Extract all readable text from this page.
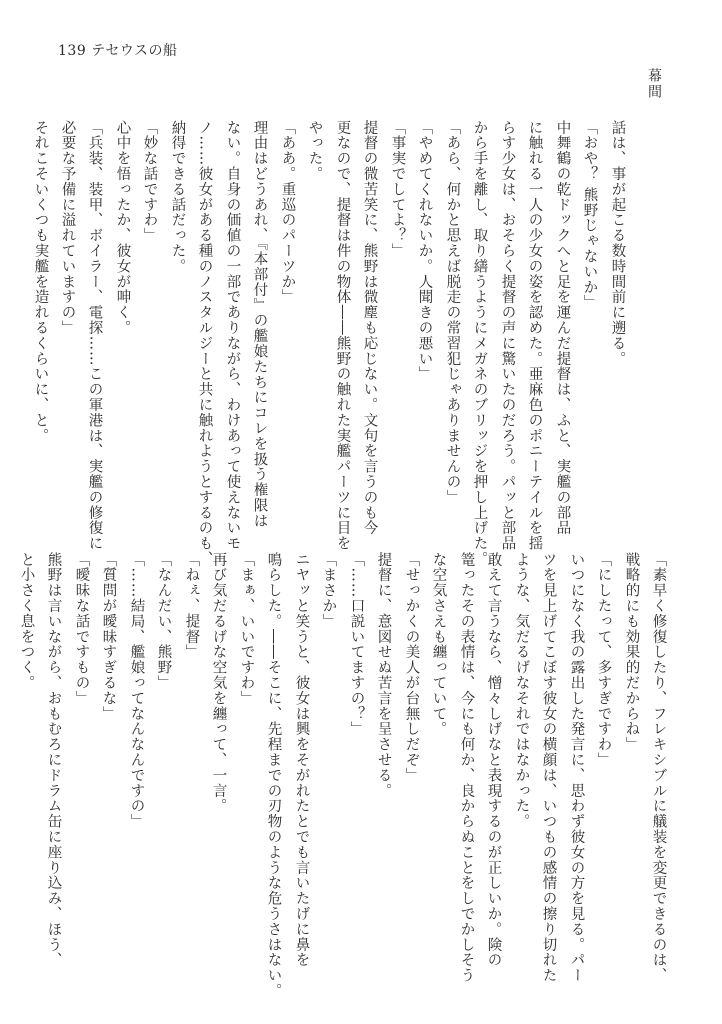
139 テセウスの船
幕間
話は、事が起こる数時間前に遡る。
「おや？ 熊野じゃないか」
中舞鶴の乾ドックへと足を運んだ提督は、ふと、実艦の部品
に触れる一人の少女の姿を認めた。亜麻色のポニーテイルを揺
らす少女は、おそらく提督の声に驚いたのだろう。パッと部品
から手を離し、取り繕うようにメガネのブリッジを押し上げた。
「あら、何かと思えば脱走の常習犯じゃありませんの」
「やめてくれないか。人聞きの悪い」
「事実でしてよ？」
提督の微苦笑に、熊野は微塵も応じない。文句を言うのも今
更なので、提督は件の物体――熊野の触れた実艦パーツに目を
やった。
「ああ。重巡のパーツか」
理由はどうあれ、『本部付』の艦娘たちにコレを扱う権限は
ない。自身の価値の一部でありながら、わけあって使えないモ
ノ……彼女がある種のノスタルジーと共に触れようとするのも、
納得できる話だった。
「妙な話ですわ」
心中を悟ったか、彼女が呻く。
「兵装、装甲、ボイラー、電探……この軍港は、実艦の修復に
必要な予備に溢れていますの」
それこそいくつも実艦を造れるくらいに、と。
「素早く修復したり、フレキシブルに艤装を変更できるのは、
戦略的にも効果的だからね」
「にしたって、多すぎですわ」
いつになく我の露出した発言に、思わず彼女の方を見る。パー
ツを見上げてこぼす彼女の横顔は、いつもの感情の擦り切れた
ような、気だるげなそれではなかった。
敢えて言うなら、憎々しげなと表現するのが正しいか。険の
篭ったその表情は、今にも何か、良からぬことをしでかしそう
な空気さえも纏っていて。
「せっかくの美人が台無しだぞ」
提督に、意図せぬ苦言を呈させる。
「……口説いてますの？」
「まさか」
ニヤッと笑うと、彼女は興をそがれたとでも言いたげに鼻を
鳴らした。――そこに、先程までの刃物のような危うさはない。
「まぁ、いいですわ」
再び気だるげな空気を纏って、一言。
「ねぇ、提督」
「なんだい、熊野」
「……結局、艦娘ってなんなんですの」
「質問が曖昧すぎるな」
「曖昧な話ですもの」
熊野は言いながら、おもむろにドラム缶に座り込み、ほう、
と小さく息をつく。
